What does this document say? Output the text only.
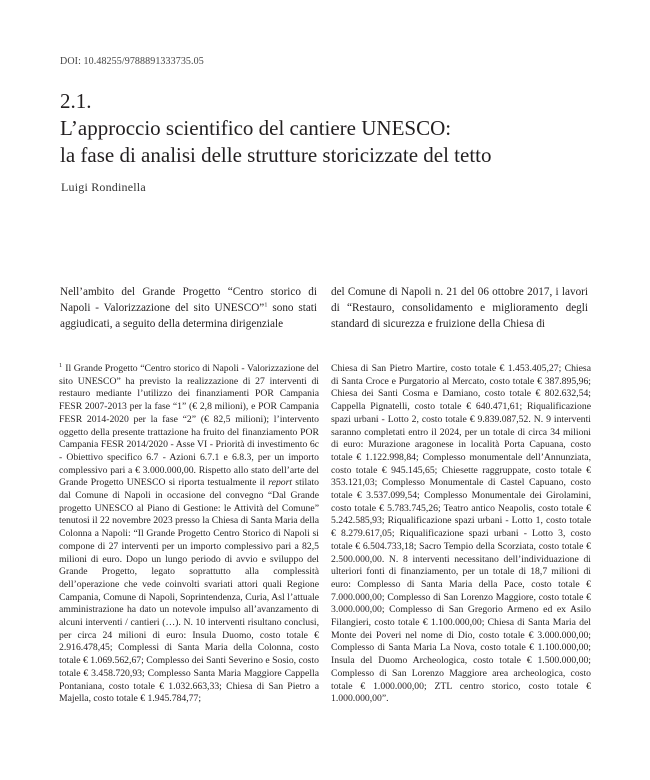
DOI: 10.48255/9788891333735.05
2.1.
L’approccio scientifico del cantiere UNESCO:
la fase di analisi delle strutture storicizzate del tetto
Luigi Rondinella

Nell’ambito del Grande Progetto “Centro storico di Napoli - Valorizzazione del sito UNESCO”$^1$ sono stati aggiudicati, a seguito della determina dirigenziale

del Comune di Napoli n. 21 del 06 ottobre 2017, i lavori di “Restauro, consolidamento e miglioramento degli standard di sicurezza e fruizione della Chiesa di

$^1$ Il Grande Progetto “Centro storico di Napoli - Valorizzazione del sito UNESCO” ha previsto la realizzazione di 27 interventi di restauro mediante l’utilizzo dei finanziamenti POR Campania FESR 2007-2013 per la fase “1” (€ 2,8 milioni), e POR Campania FESR 2014-2020 per la fase “2” (€ 82,5 milioni); l’intervento oggetto della presente trattazione ha fruito del finanziamento POR Campania FESR 2014/2020 - Asse VI - Priorità di investimento 6c - Obiettivo specifico 6.7 - Azioni 6.7.1 e 6.8.3, per un importo complessivo pari a € 3.000.000,00. Rispetto allo stato dell’arte del Grande Progetto UNESCO si riporta testualmente il report stilato dal Comune di Napoli in occasione del convegno “Dal Grande progetto UNESCO al Piano di Gestione: le Attività del Comune” tenutosi il 22 novembre 2023 presso la Chiesa di Santa Maria della Colonna a Napoli: “Il Grande Progetto Centro Storico di Napoli si compone di 27 interventi per un importo complessivo pari a 82,5 milioni di euro. Dopo un lungo periodo di avvio e sviluppo del Grande Progetto, legato soprattutto alla complessità dell’operazione che vede coinvolti svariati attori quali Regione Campania, Comune di Napoli, Soprintendenza, Curia, Asl l’attuale amministrazione ha dato un notevole impulso all’avanzamento di alcuni interventi / cantieri (…). N. 10 interventi risultano conclusi, per circa 24 milioni di euro: Insula Duomo, costo totale € 2.916.478,45; Complessi di Santa Maria della Colonna, costo totale € 1.069.562,67; Complesso dei Santi Severino e Sosio, costo totale € 3.458.720,93; Complesso Santa Maria Maggiore Cappella Pontaniana, costo totale € 1.032.663,33; Chiesa di San Pietro a Majella, costo totale € 1.945.784,77;

Chiesa di San Pietro Martire, costo totale € 1.453.405,27; Chiesa di Santa Croce e Purgatorio al Mercato, costo totale € 387.895,96; Chiesa dei Santi Cosma e Damiano, costo totale € 802.632,54; Cappella Pignatelli, costo totale € 640.471,61; Riqualificazione spazi urbani - Lotto 2, costo totale € 9.839.087,52. N. 9 interventi saranno completati entro il 2024, per un totale di circa 34 milioni di euro: Murazione aragonese in località Porta Capuana, costo totale € 1.122.998,84; Complesso monumentale dell’Annunziata, costo totale € 945.145,65; Chiesette raggruppate, costo totale € 353.121,03; Complesso Monumentale di Castel Capuano, costo totale € 3.537.099,54; Complesso Monumentale dei Girolamini, costo totale € 5.783.745,26; Teatro antico Neapolis, costo totale € 5.242.585,93; Riqualificazione spazi urbani - Lotto 1, costo totale € 8.279.617,05; Riqualificazione spazi urbani - Lotto 3, costo totale € 6.504.733,18; Sacro Tempio della Scorziata, costo totale € 2.500.000,00. N. 8 interventi necessitano dell’individuazione di ulteriori fonti di finanziamento, per un totale di 18,7 milioni di euro: Complesso di Santa Maria della Pace, costo totale € 7.000.000,00; Complesso di San Lorenzo Maggiore, costo totale € 3.000.000,00; Complesso di San Gregorio Armeno ed ex Asilo Filangieri, costo totale € 1.100.000,00; Chiesa di Santa Maria del Monte dei Poveri nel nome di Dio, costo totale € 3.000.000,00; Complesso di Santa Maria La Nova, costo totale € 1.100.000,00; Insula del Duomo Archeologica, costo totale € 1.500.000,00; Complesso di San Lorenzo Maggiore area archeologica, costo totale € 1.000.000,00; ZTL centro storico, costo totale € 1.000.000,00”.
